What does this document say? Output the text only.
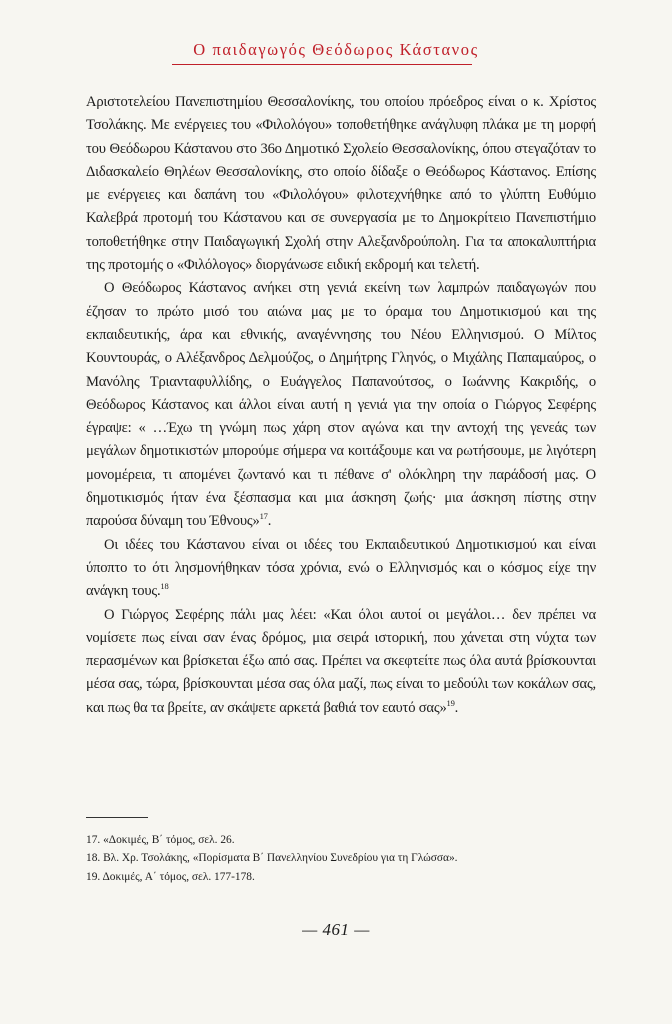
Ο παιδαγωγός Θεόδωρος Κάστανος

Αριστοτελείου Πανεπιστημίου Θεσσαλονίκης, του οποίου πρόεδρος είναι ο κ. Χρίστος Τσολάκης. Με ενέργειες του «Φιλολόγου» τοποθετήθηκε ανάγλυφη πλάκα με τη μορφή του Θεόδωρου Κάστανου στο 36ο Δημοτικό Σχολείο Θεσσαλονίκης, όπου στεγαζόταν το Διδασκαλείο Θηλέων Θεσσαλονίκης, στο οποίο δίδαξε ο Θεόδωρος Κάστανος. Επίσης με ενέργειες και δαπάνη του «Φιλολόγου» φιλοτεχνήθηκε από το γλύπτη Ευθύμιο Καλεβρά προτομή του Κάστανου και σε συνεργασία με το Δημοκρίτειο Πανεπιστήμιο τοποθετήθηκε στην Παιδαγωγική Σχολή στην Αλεξανδρούπολη. Για τα αποκαλυπτήρια της προτομής ο «Φιλόλογος» διοργάνωσε ειδική εκδρομή και τελετή.

Ο Θεόδωρος Κάστανος ανήκει στη γενιά εκείνη των λαμπρών παιδαγωγών που έζησαν το πρώτο μισό του αιώνα μας με το όραμα του Δημοτικισμού και της εκπαιδευτικής, άρα και εθνικής, αναγέννησης του Νέου Ελληνισμού. Ο Μίλτος Κουντουράς, ο Αλέξανδρος Δελμούζος, ο Δημήτρης Γληνός, ο Μιχάλης Παπαμαύρος, ο Μανόλης Τριανταφυλλίδης, ο Ευάγγελος Παπανούτσος, ο Ιωάννης Κακριδής, ο Θεόδωρος Κάστανος και άλλοι είναι αυτή η γενιά για την οποία ο Γιώργος Σεφέρης έγραψε: « …Έχω τη γνώμη πως χάρη στον αγώνα και την αντοχή της γενεάς των μεγάλων δημοτικιστών μπορούμε σήμερα να κοιτάξουμε και να ρωτήσουμε, με λιγότερη μονομέρεια, τι απομένει ζωντανό και τι πέθανε σ' ολόκληρη την παράδοσή μας. Ο δημοτικισμός ήταν ένα ξέσπασμα και μια άσκηση ζωής· μια άσκηση πίστης στην παρούσα δύναμη του Έθνους»$^{17}$.

Οι ιδέες του Κάστανου είναι οι ιδέες του Εκπαιδευτικού Δημοτικισμού και είναι ύποπτο το ότι λησμονήθηκαν τόσα χρόνια, ενώ ο Ελληνισμός και ο κόσμος είχε την ανάγκη τους.$^{18}$

Ο Γιώργος Σεφέρης πάλι μας λέει: «Και όλοι αυτοί οι μεγάλοι… δεν πρέπει να νομίσετε πως είναι σαν ένας δρόμος, μια σειρά ιστορική, που χάνεται στη νύχτα των περασμένων και βρίσκεται έξω από σας. Πρέπει να σκεφτείτε πως όλα αυτά βρίσκουνται μέσα σας, τώρα, βρίσκουνται μέσα σας όλα μαζί, πως είναι το μεδούλι των κοκάλων σας, και πως θα τα βρείτε, αν σκάψετε αρκετά βαθιά τον εαυτό σας»$^{19}$.

17. «Δοκιμές, Β΄ τόμος, σελ. 26.

18. Βλ. Χρ. Τσολάκης, «Πορίσματα Β΄ Πανελληνίου Συνεδρίου για τη Γλώσσα».

19. Δοκιμές, Α΄ τόμος, σελ. 177-178.

— 461 —
